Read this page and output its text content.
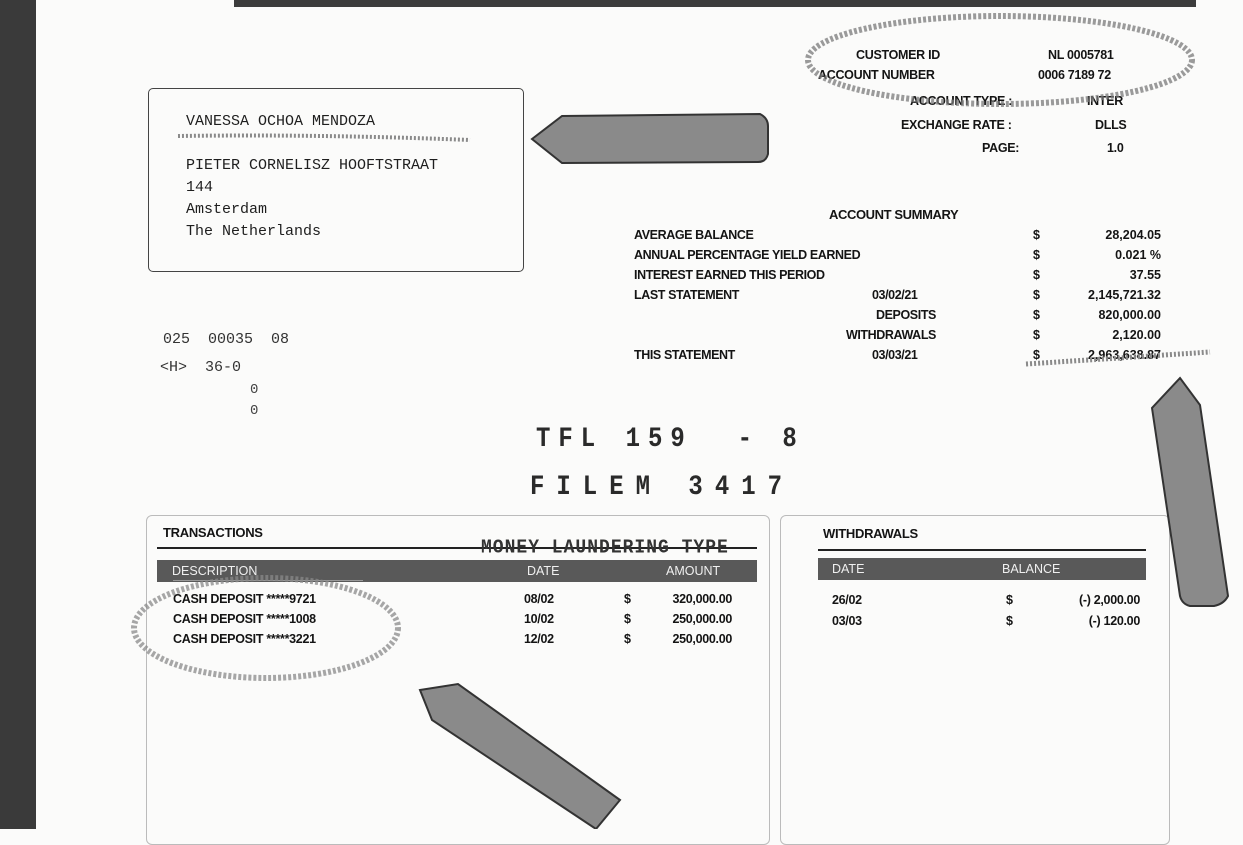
CUSTOMER ID	NL 0005781
ACCOUNT NUMBER	0006 7189 72
ACCOUNT TYPE :	INTER
EXCHANGE RATE :	DLLS
PAGE:	1.0
VANESSA OCHOA MENDOZA
PIETER CORNELISZ HOOFTSTRAAT
144
Amsterdam
The Netherlands
025  00035  08
<H>  36-0
0
0
ACCOUNT SUMMARY
AVERAGE BALANCE	$	28,204.05
ANNUAL PERCENTAGE YIELD EARNED	$	0.021 %
INTEREST EARNED THIS PERIOD	$	37.55
LAST STATEMENT	03/02/21	$	2,145,721.32
DEPOSITS	$	820,000.00
WITHDRAWALS	$	2,120.00
THIS STATEMENT	03/03/21	$	2,963,638.87
TFL 159  - 8
FILEM 3417
TRANSACTIONS
DESCRIPTION	DATE	AMOUNT
MONEY LAUNDERING TYPE
CASH DEPOSIT *****9721	08/02	$	320,000.00
CASH DEPOSIT *****1008	10/02	$	250,000.00
CASH DEPOSIT *****3221	12/02	$	250,000.00
WITHDRAWALS
DATE	BALANCE
26/02	$	(-) 2,000.00
03/03	$	(-) 120.00
